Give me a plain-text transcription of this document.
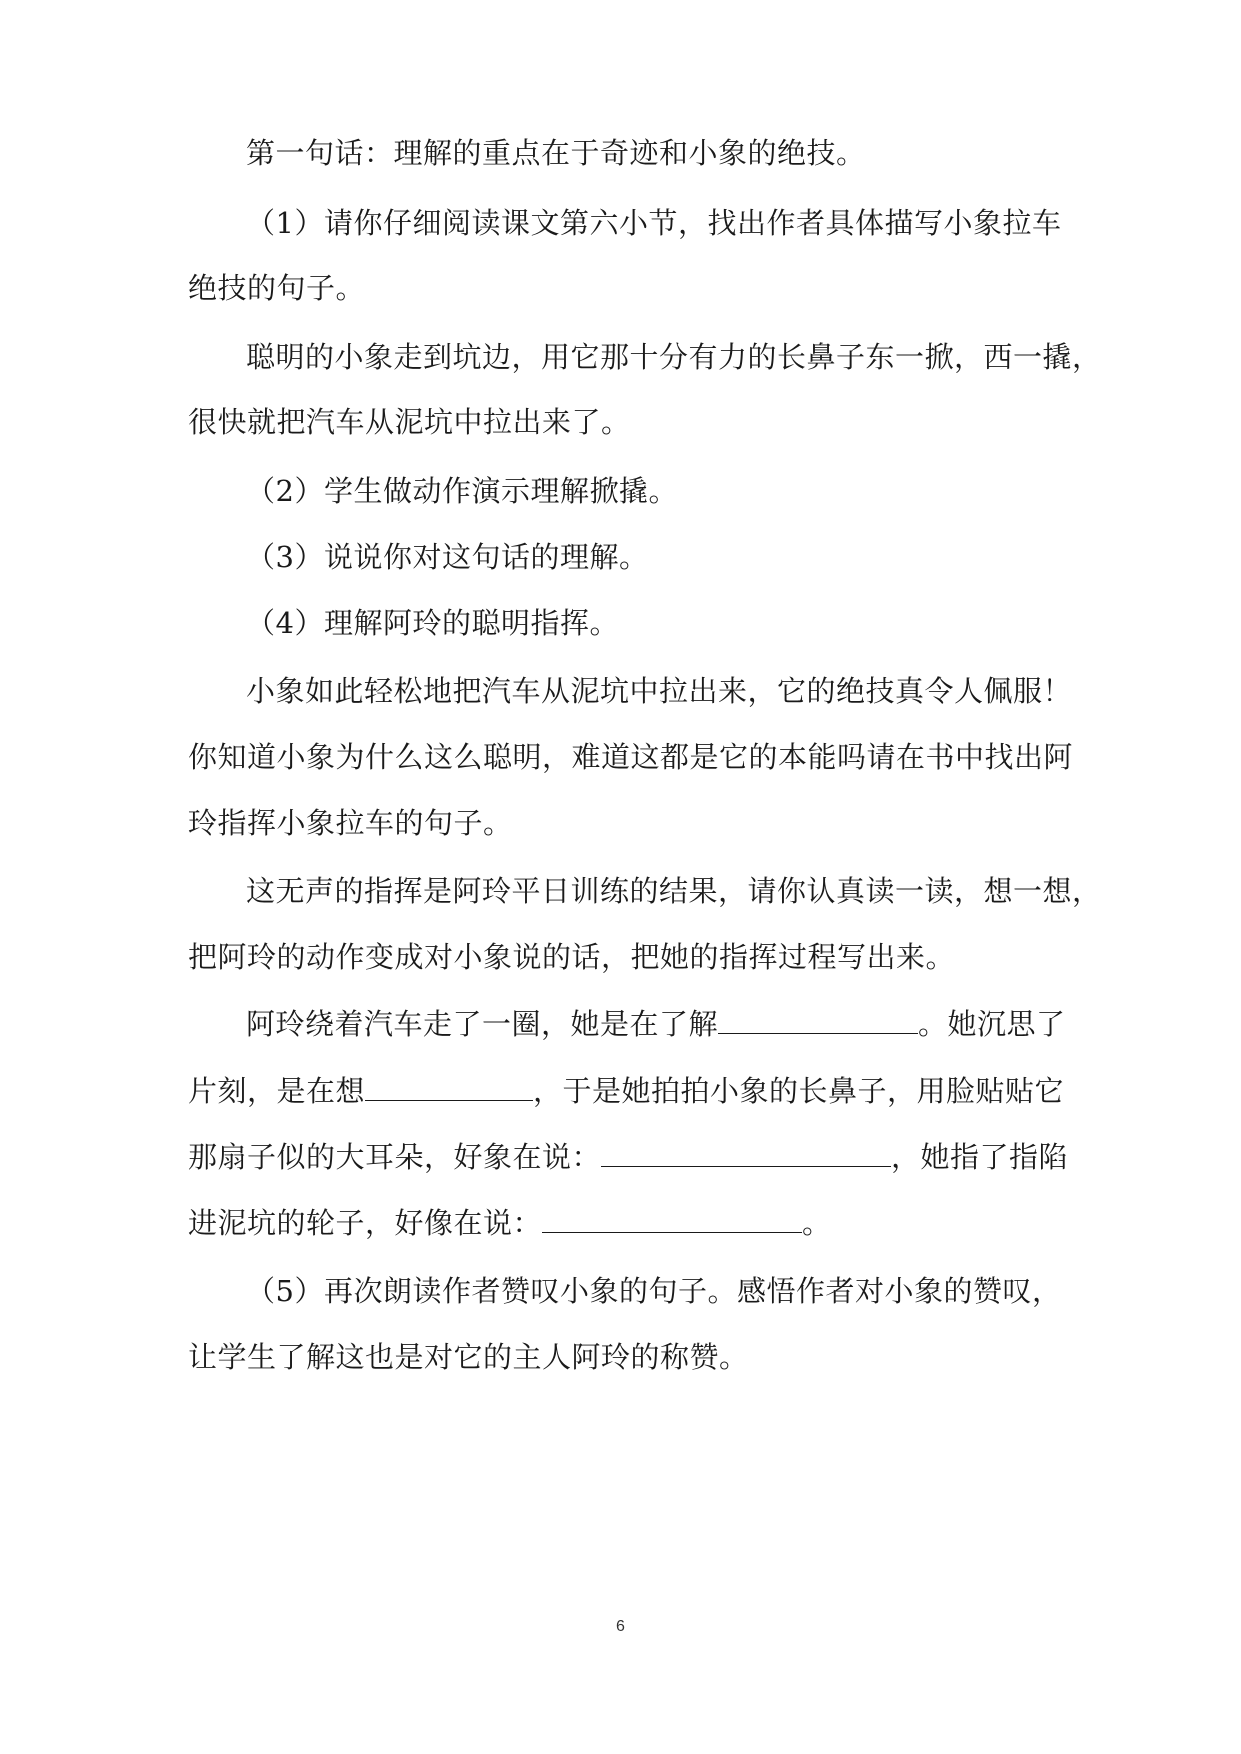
第一句话：理解的重点在于奇迹和小象的绝技。
（1）请你仔细阅读课文第六小节，找出作者具体描写小象拉车
绝技的句子。
聪明的小象走到坑边，用它那十分有力的长鼻子东一掀，西一撬，
很快就把汽车从泥坑中拉出来了。
（2）学生做动作演示理解掀撬。
（3）说说你对这句话的理解。
（4）理解阿玲的聪明指挥。
小象如此轻松地把汽车从泥坑中拉出来，它的绝技真令人佩服！
你知道小象为什么这么聪明，难道这都是它的本能吗请在书中找出阿
玲指挥小象拉车的句子。
这无声的指挥是阿玲平日训练的结果，请你认真读一读，想一想，
把阿玲的动作变成对小象说的话，把她的指挥过程写出来。
阿玲绕着汽车走了一圈，她是在了解	。她沉思了
片刻，是在想	，于是她拍拍小象的长鼻子，用脸贴贴它
那扇子似的大耳朵，好象在说：	，她指了指陷
进泥坑的轮子，好像在说：	。
（5）再次朗读作者赞叹小象的句子。感悟作者对小象的赞叹，
让学生了解这也是对它的主人阿玲的称赞。
6
